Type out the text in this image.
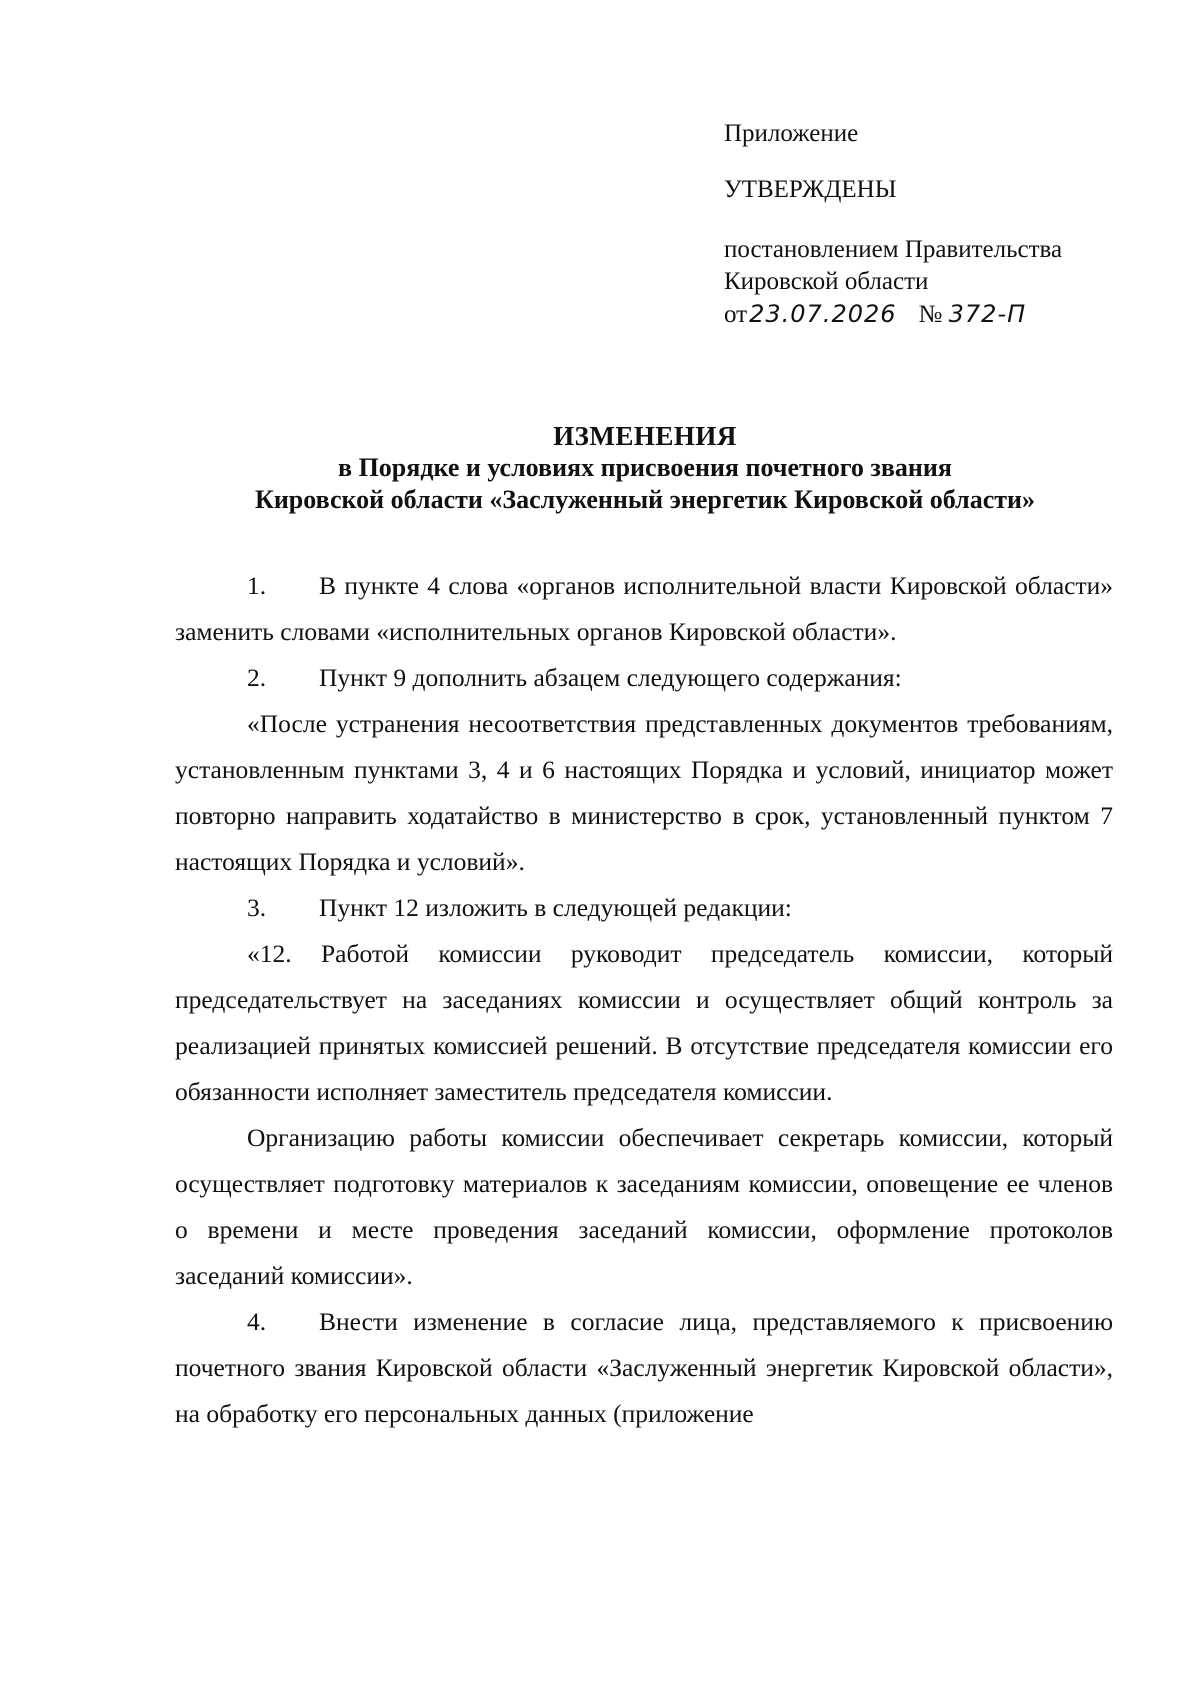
Приложение
УТВЕРЖДЕНЫ
постановлением Правительства
Кировской области
от23.07.2026 № 372-П
ИЗМЕНЕНИЯ
в Порядке и условиях присвоения почетного звания
Кировской области «Заслуженный энергетик Кировской области»

1. В пункте 4 слова «органов исполнительной власти Кировской области» заменить словами «исполнительных органов Кировской области».

2. Пункт 9 дополнить абзацем следующего содержания:

«После устранения несоответствия представленных документов требованиям, установленным пунктами 3, 4 и 6 настоящих Порядка и условий, инициатор может повторно направить ходатайство в министерство в срок, установленный пунктом 7 настоящих Порядка и условий».

3. Пункт 12 изложить в следующей редакции:

«12. Работой комиссии руководит председатель комиссии, который председательствует на заседаниях комиссии и осуществляет общий контроль за реализацией принятых комиссией решений. В отсутствие председателя комиссии его обязанности исполняет заместитель председателя комиссии.

Организацию работы комиссии обеспечивает секретарь комиссии, который осуществляет подготовку материалов к заседаниям комиссии, оповещение ее членов о времени и месте проведения заседаний комиссии, оформление протоколов заседаний комиссии».

4. Внести изменение в согласие лица, представляемого к присвоению почетного звания Кировской области «Заслуженный энергетик Кировской области», на обработку его персональных данных (приложение
